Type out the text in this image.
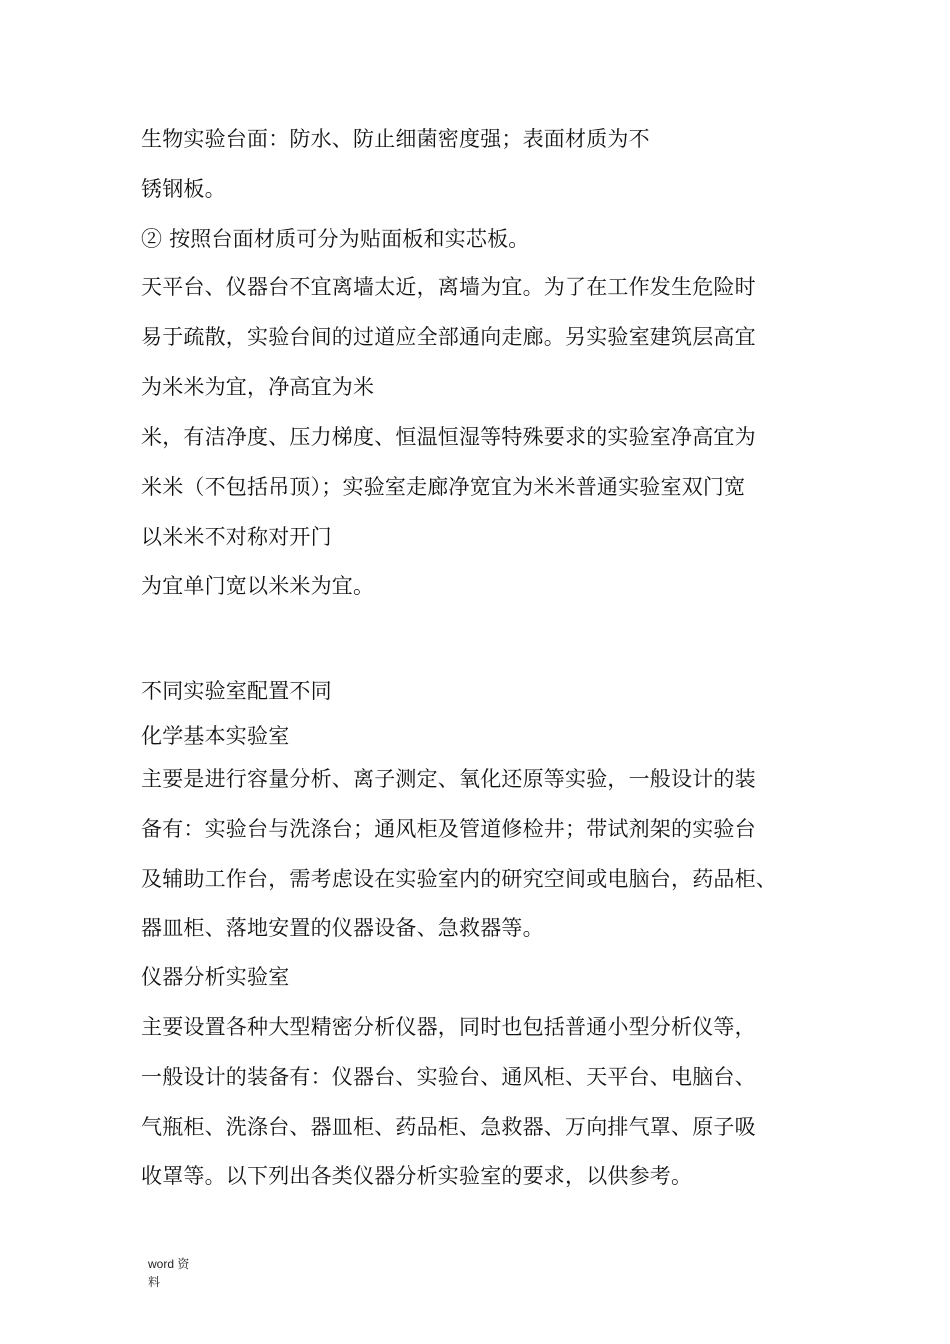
生物实验台面：防水、防止细菌密度强；表面材质为不
锈钢板。
② 按照台面材质可分为贴面板和实芯板。
天平台、仪器台不宜离墙太近，离墙为宜。为了在工作发生危险时
易于疏散，实验台间的过道应全部通向走廊。另实验室建筑层高宜
为米米为宜，净高宜为米
米，有洁净度、压力梯度、恒温恒湿等特殊要求的实验室净高宜为
米米（不包括吊顶）；实验室走廊净宽宜为米米普通实验室双门宽
以米米不对称对开门
为宜单门宽以米米为宜。
不同实验室配置不同
化学基本实验室
主要是进行容量分析、离子测定、氧化还原等实验，一般设计的装
备有：实验台与洗涤台；通风柜及管道修检井；带试剂架的实验台
及辅助工作台，需考虑设在实验室内的研究空间或电脑台，药品柜、
器皿柜、落地安置的仪器设备、急救器等。
仪器分析实验室
主要设置各种大型精密分析仪器，同时也包括普通小型分析仪等，
一般设计的装备有：仪器台、实验台、通风柜、天平台、电脑台、
气瓶柜、洗涤台、器皿柜、药品柜、急救器、万向排气罩、原子吸
收罩等。以下列出各类仪器分析实验室的要求，以供参考。
word 资
料
